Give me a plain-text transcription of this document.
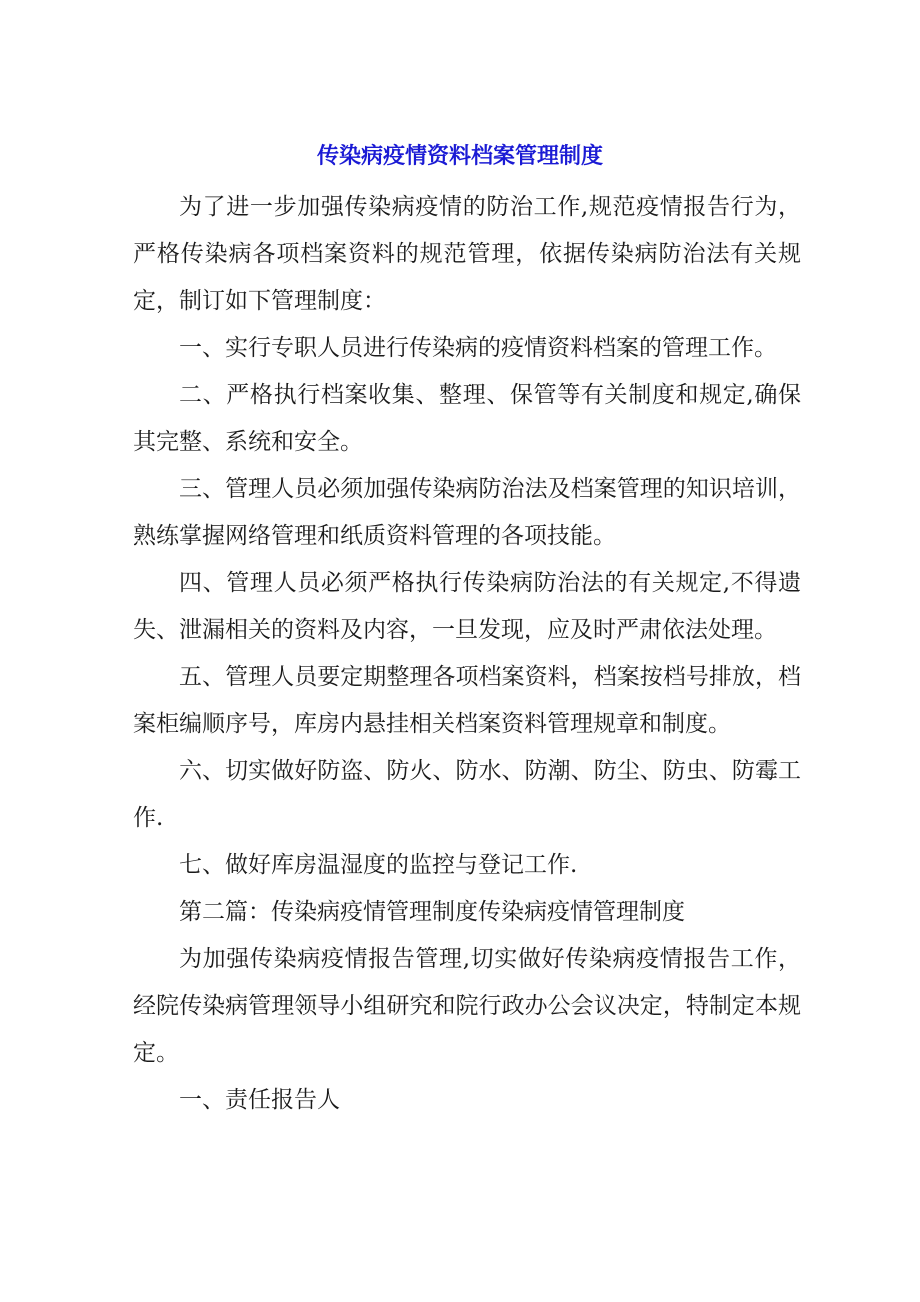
传染病疫情资料档案管理制度

为了进一步加强传染病疫情的防治工作,规范疫情报告行为，严格传染病各项档案资料的规范管理，依据传染病防治法有关规定，制订如下管理制度：

一、实行专职人员进行传染病的疫情资料档案的管理工作。

二、严格执行档案收集、整理、保管等有关制度和规定,确保其完整、系统和安全。

三、管理人员必须加强传染病防治法及档案管理的知识培训，熟练掌握网络管理和纸质资料管理的各项技能。

四、管理人员必须严格执行传染病防治法的有关规定,不得遗失、泄漏相关的资料及内容，一旦发现，应及时严肃依法处理。

五、管理人员要定期整理各项档案资料，档案按档号排放，档案柜编顺序号，库房内悬挂相关档案资料管理规章和制度。

六、切实做好防盗、防火、防水、防潮、防尘、防虫、防霉工作.

七、做好库房温湿度的监控与登记工作.

第二篇：传染病疫情管理制度传染病疫情管理制度

为加强传染病疫情报告管理,切实做好传染病疫情报告工作，经院传染病管理领导小组研究和院行政办公会议决定，特制定本规定。

一、责任报告人
